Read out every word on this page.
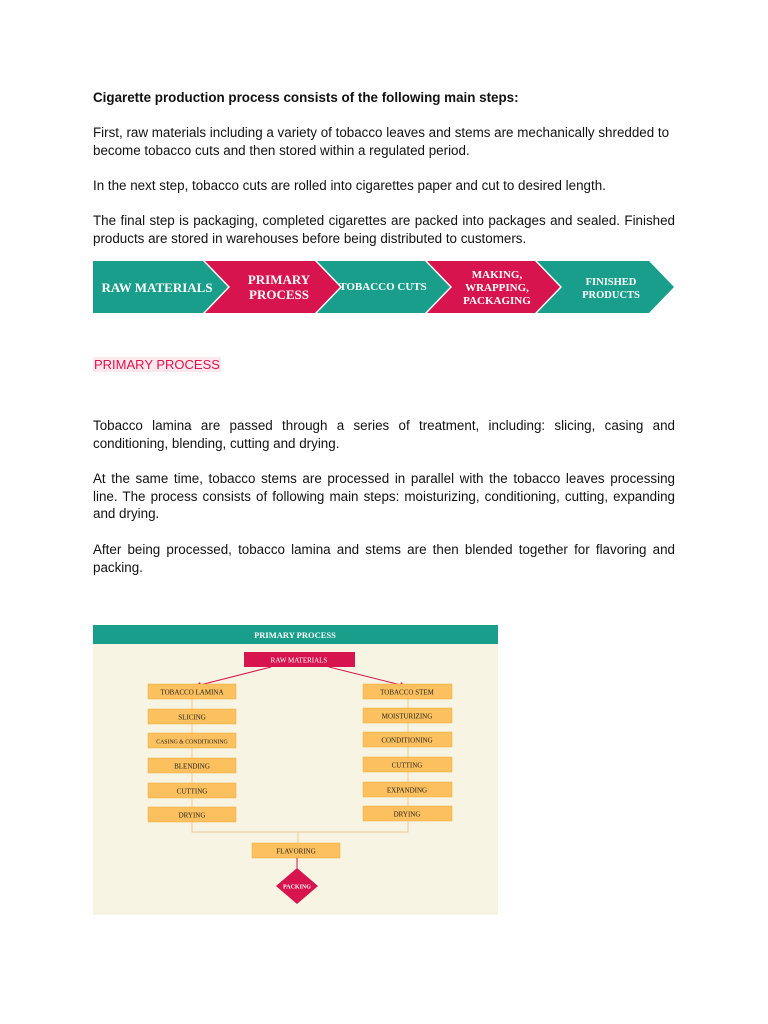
Cigarette production process consists of the following main steps:
First, raw materials including a variety of tobacco leaves and stems are mechanically shredded to become tobacco cuts and then stored within a regulated period.
In the next step, tobacco cuts are rolled into cigarettes paper and cut to desired length.
The final step is packaging, completed cigarettes are packed into packages and sealed. Finished products are stored in warehouses before being distributed to customers.
RAW MATERIALS
PRIMARY
PROCESS	TOBACCO CUTS
MAKING,
WRAPPING,
PACKAGING
FINISHED
PRODUCTS
PRIMARY PROCESS
Tobacco lamina are passed through a series of treatment, including: slicing, casing and conditioning, blending, cutting and drying.
At the same time, tobacco stems are processed in parallel with the tobacco leaves processing line. The process consists of following main steps: moisturizing, conditioning, cutting, expanding and drying.
After being processed, tobacco lamina and stems are then blended together for flavoring and packing.
PRIMARY PROCESS
RAW MATERIALS
TOBACCO LAMINA
SLICING
CASING & CONDITIONING
BLENDING
CUTTING
DRYING
TOBACCO STEM
MOISTURIZING
CONDITIONING
CUTTING
EXPANDING
DRYING
FLAVORING
PACKING
